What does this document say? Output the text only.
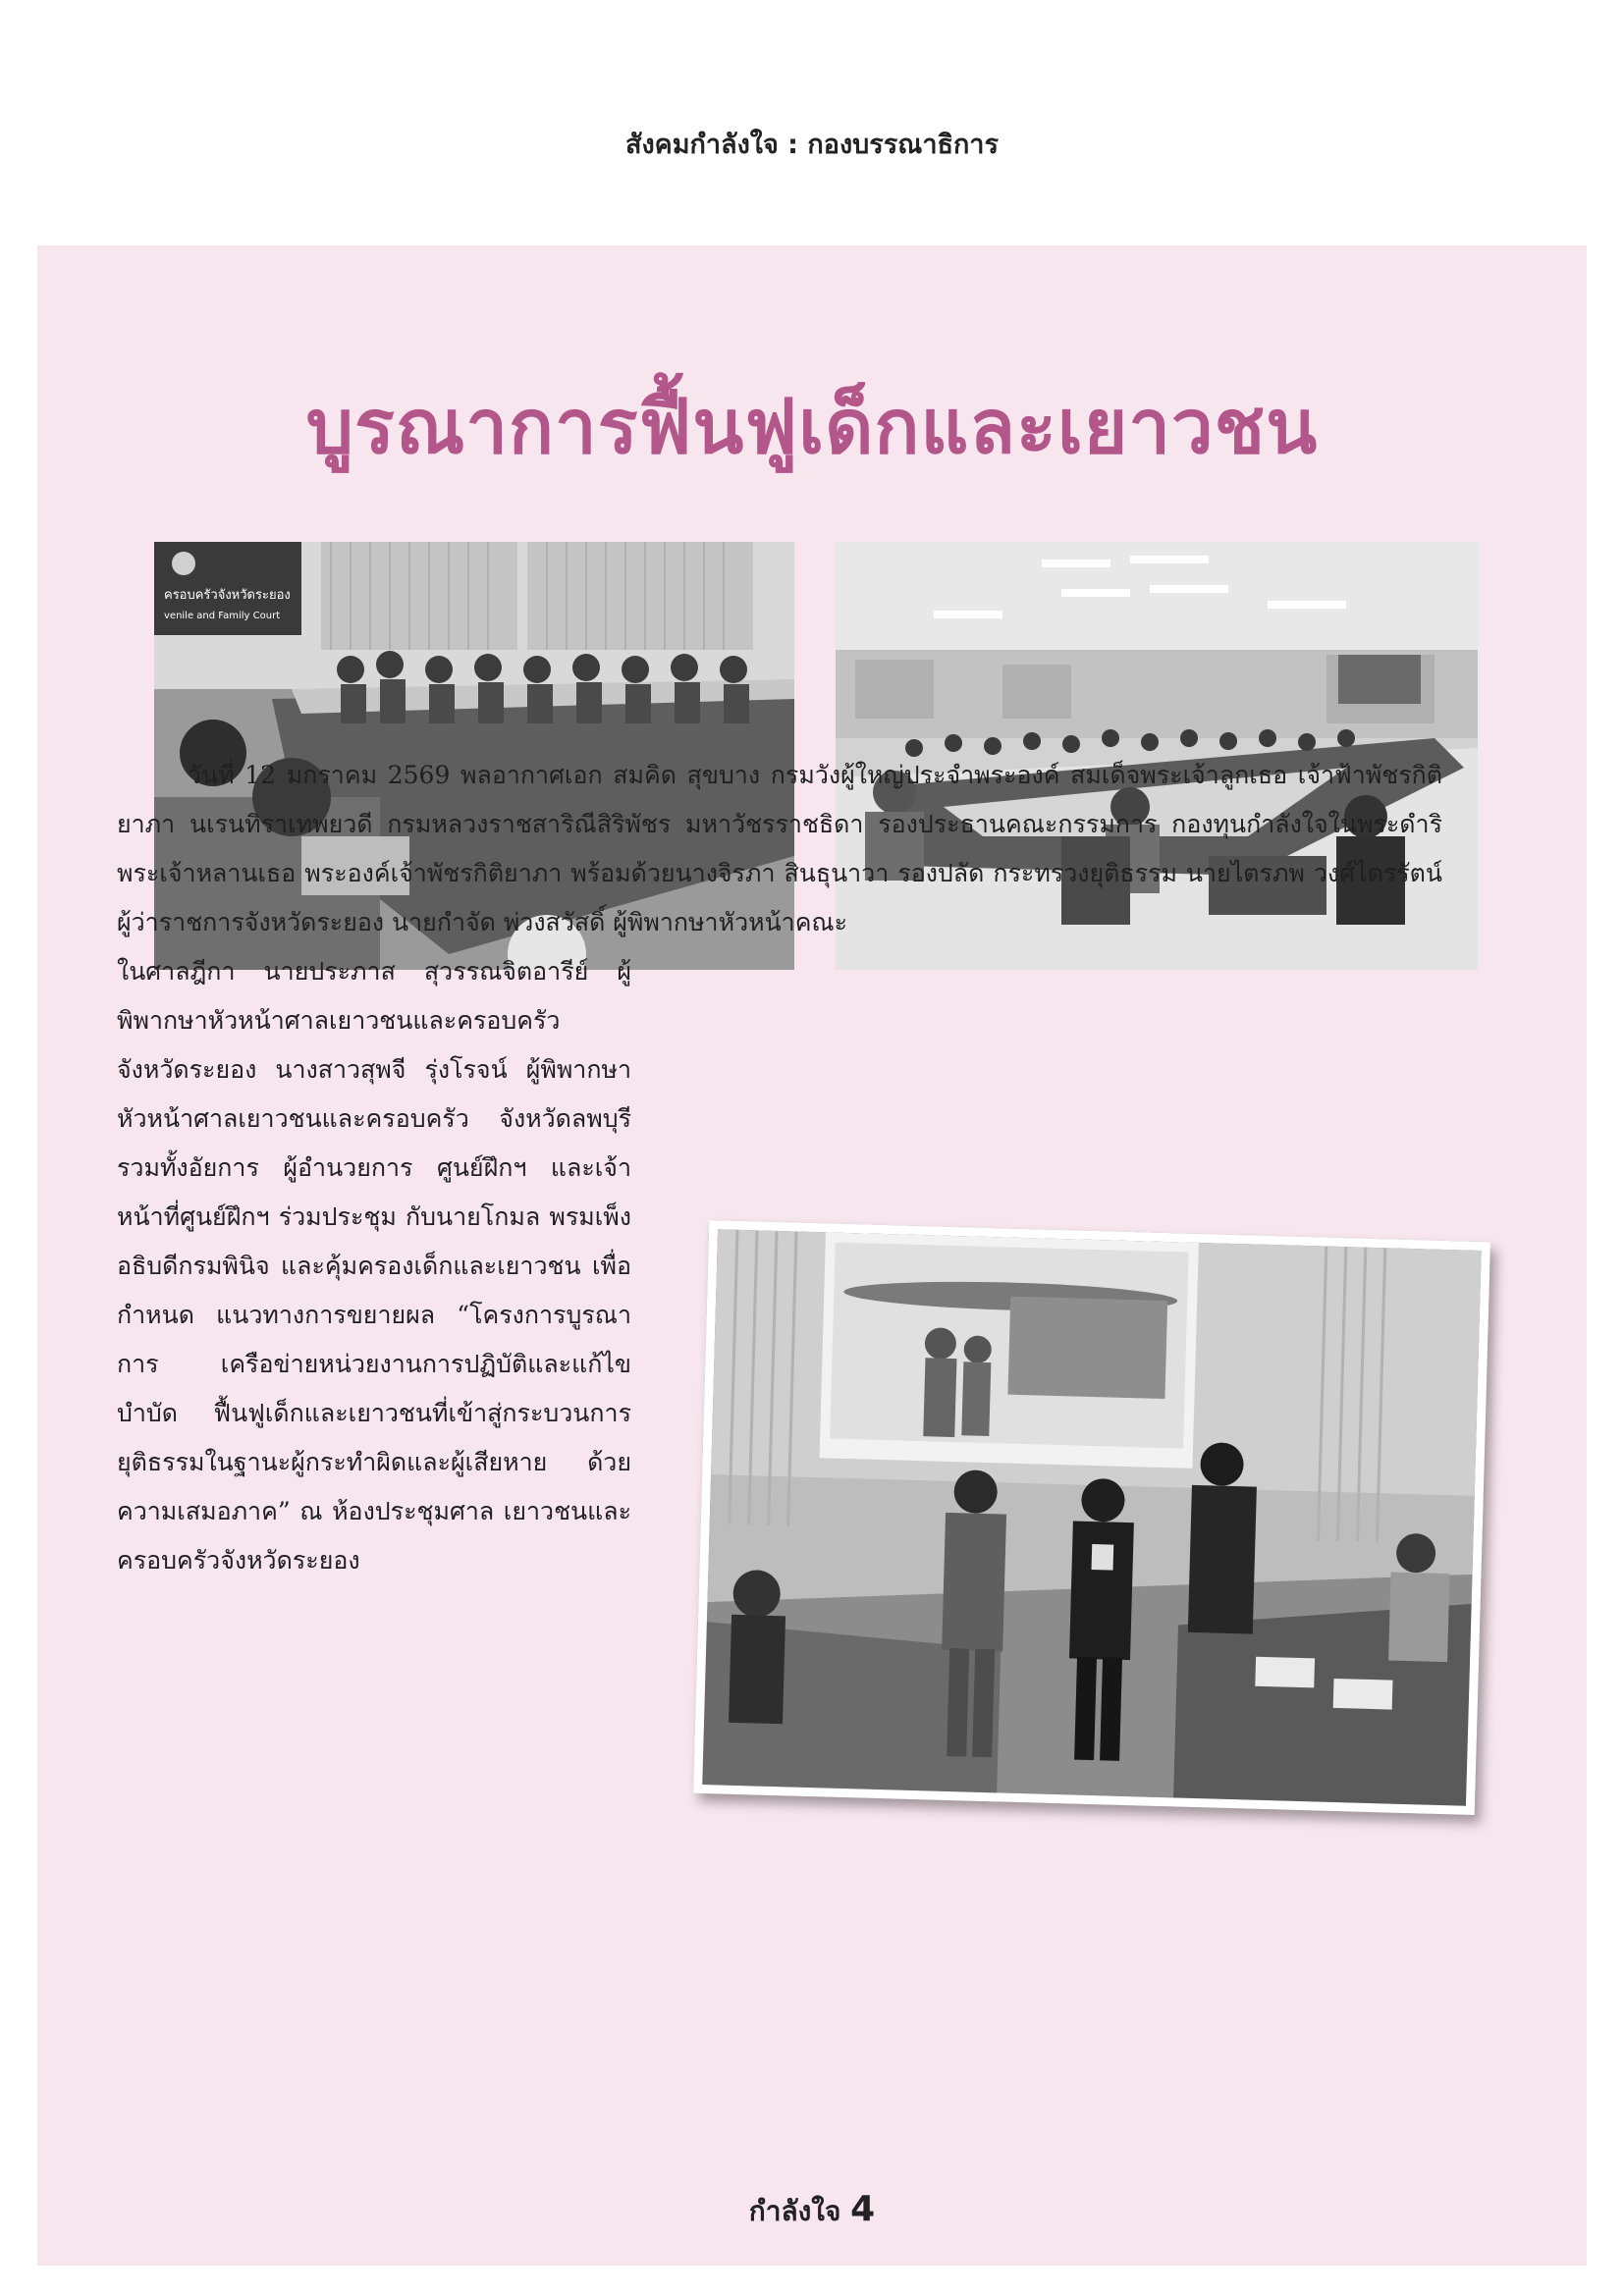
สังคมกำลังใจ : กองบรรณาธิการ
บูรณาการฟื้นฟูเด็กและเยาวชน
ครอบครัวจังหวัดระยอง
venile and Family Court
วันที่ 12 มกราคม 2569 พลอากาศเอก สมคิด สุขบาง กรมวังผู้ใหญ่ประจำพระองค์ สมเด็จพระเจ้าลูกเธอ เจ้าฟ้าพัชรกิติยาภา นเรนทิราเทพยวดี กรมหลวงราชสาริณีสิริพัชร มหาวัชรราชธิดา รองประธานคณะกรรมการ กองทุนกำลังใจในพระดำริพระเจ้าหลานเธอ พระองค์เจ้าพัชรกิติยาภา พร้อมด้วยนางจิรภา สินธุนาวา รองปลัด กระทรวงยุติธรรม นายไตรภพ วงศ์ไตรรัตน์ ผู้ว่าราชการจังหวัดระยอง นายกำจัด พ่วงสวัสดิ์ ผู้พิพากษาหัวหน้าคณะ
ในศาลฎีกา นายประภาส สุวรรณจิตอารีย์ ผู้พิพากษาหัวหน้าศาลเยาวชนและครอบครัว จังหวัดระยอง นางสาวสุพจี รุ่งโรจน์ ผู้พิพากษาหัวหน้าศาลเยาวชนและครอบครัว จังหวัดลพบุรี รวมทั้งอัยการ ผู้อำนวยการ ศูนย์ฝึกฯ และเจ้าหน้าที่ศูนย์ฝึกฯ ร่วมประชุม กับนายโกมล พรมเพ็ง อธิบดีกรมพินิจ และคุ้มครองเด็กและเยาวชน เพื่อกำหนด แนวทางการขยายผล “โครงการบูรณาการ เครือข่ายหน่วยงานการปฏิบัติและแก้ไขบำบัด ฟื้นฟูเด็กและเยาวชนที่เข้าสู่กระบวนการ ยุติธรรมในฐานะผู้กระทำผิดและผู้เสียหาย ด้วยความเสมอภาค” ณ ห้องประชุมศาล เยาวชนและครอบครัวจังหวัดระยอง
กำลังใจ 4
